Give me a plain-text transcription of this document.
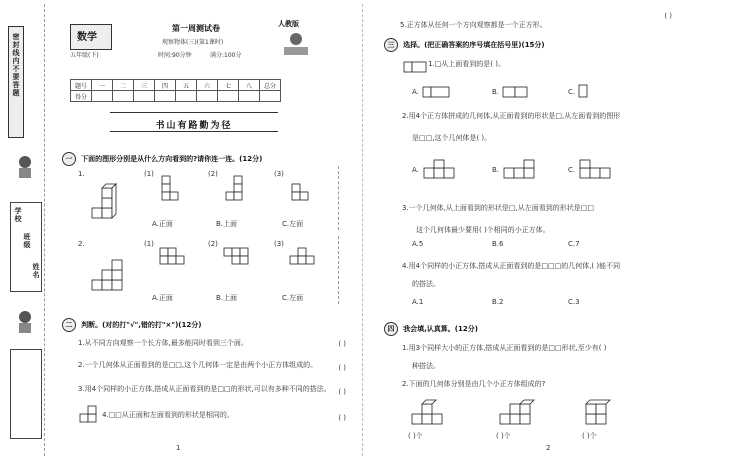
密封线内不要答题
学校
班级
姓名
数学
五年级(下)
第一周测试卷
观察物体(三)(第1课时)
时间:90分钟	满分:100分
人教版
题号	一	二	三	四	五	六	七	八	总分
得分									
书山有路勤为径
一 下面的图形分别是从什么方向看到的?请你连一连。(12分)
1.	(1)	(2)	(3)
A.正面	B.上面	C.左面
2.	(1)	(2)	(3)
A.正面	B.上面	C.左面
二 判断。(对的打"√",错的打"×")(12分)
1.从不同方向观察一个长方体,最多能同时看到三个面。	( )
2.一个几何体从正面看到的是□□,这个几何体一定是由两个小正方体组成的。	( )
3.用4个同样的小正方体,搭成从正面看到的是□□的形状,可以有多种不同的搭法。 ( )
4.□□从正面和左面看到的形状是相同的。	( )
1
5.正方体从任何一个方向观察都是一个正方形。
( )
三 选择。(把正确答案的序号填在括号里)(15分)
1.□从上面看到的是( )。
A.	B.	C.
2.用4个正方体拼成的几何体,从正面看到的形状是□,从左面看到的图形
是□□,这个几何体是( )。
A.	B.	C.
3.一个几何体,从上面看到的形状是□,从左面看到的形状是□□
这个几何体最少要用( )个相同的小正方体。
A.5	B.6	C.7
4.用4个同样的小正方体,搭成从正面看到的是□□□的几何体,( )能不同
的搭法。
A.1	B.2	C.3
四 我会填,认真算。(12分)
1.用3个同样大小的正方体,搭成从正面看到的是□□形状,至少有( )
种搭法。
2.下面的几何体分别是由几个小正方体组成的?
( )个	( )个	( )个
2
